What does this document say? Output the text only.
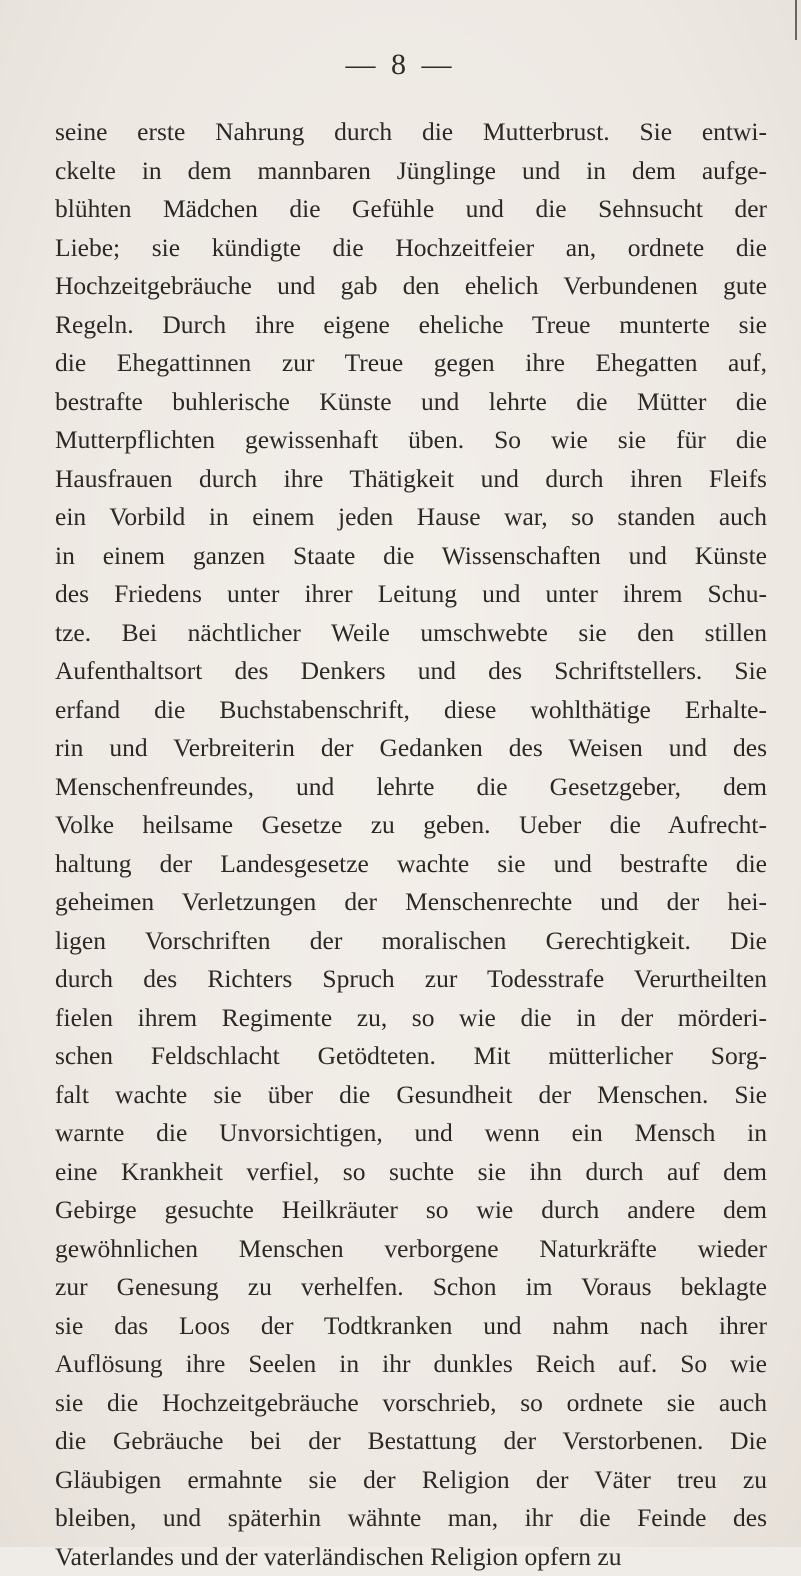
— 8 —
seine erste Nahrung durch die Mutterbrust. Sie entwi-
ckelte in dem mannbaren Jünglinge und in dem aufge-
blühten Mädchen die Gefühle und die Sehnsucht der
Liebe; sie kündigte die Hochzeitfeier an, ordnete die
Hochzeitgebräuche und gab den ehelich Verbundenen gute
Regeln. Durch ihre eigene eheliche Treue munterte sie
die Ehegattinnen zur Treue gegen ihre Ehegatten auf,
bestrafte buhlerische Künste und lehrte die Mütter die
Mutterpflichten gewissenhaft üben. So wie sie für die
Hausfrauen durch ihre Thätigkeit und durch ihren Fleifs
ein Vorbild in einem jeden Hause war, so standen auch
in einem ganzen Staate die Wissenschaften und Künste
des Friedens unter ihrer Leitung und unter ihrem Schu-
tze. Bei nächtlicher Weile umschwebte sie den stillen
Aufenthaltsort des Denkers und des Schriftstellers. Sie
erfand die Buchstabenschrift, diese wohlthätige Erhalte-
rin und Verbreiterin der Gedanken des Weisen und des
Menschenfreundes, und lehrte die Gesetzgeber, dem
Volke heilsame Gesetze zu geben. Ueber die Aufrecht-
haltung der Landesgesetze wachte sie und bestrafte die
geheimen Verletzungen der Menschenrechte und der hei-
ligen Vorschriften der moralischen Gerechtigkeit. Die
durch des Richters Spruch zur Todesstrafe Verurtheilten
fielen ihrem Regimente zu, so wie die in der mörderi-
schen Feldschlacht Getödteten. Mit mütterlicher Sorg-
falt wachte sie über die Gesundheit der Menschen. Sie
warnte die Unvorsichtigen, und wenn ein Mensch in
eine Krankheit verfiel, so suchte sie ihn durch auf dem
Gebirge gesuchte Heilkräuter so wie durch andere dem
gewöhnlichen Menschen verborgene Naturkräfte wieder
zur Genesung zu verhelfen. Schon im Voraus beklagte
sie das Loos der Todtkranken und nahm nach ihrer
Auflösung ihre Seelen in ihr dunkles Reich auf. So wie
sie die Hochzeitgebräuche vorschrieb, so ordnete sie auch
die Gebräuche bei der Bestattung der Verstorbenen. Die
Gläubigen ermahnte sie der Religion der Väter treu zu
bleiben, und späterhin wähnte man, ihr die Feinde des
Vaterlandes und der vaterländischen Religion opfern zu
